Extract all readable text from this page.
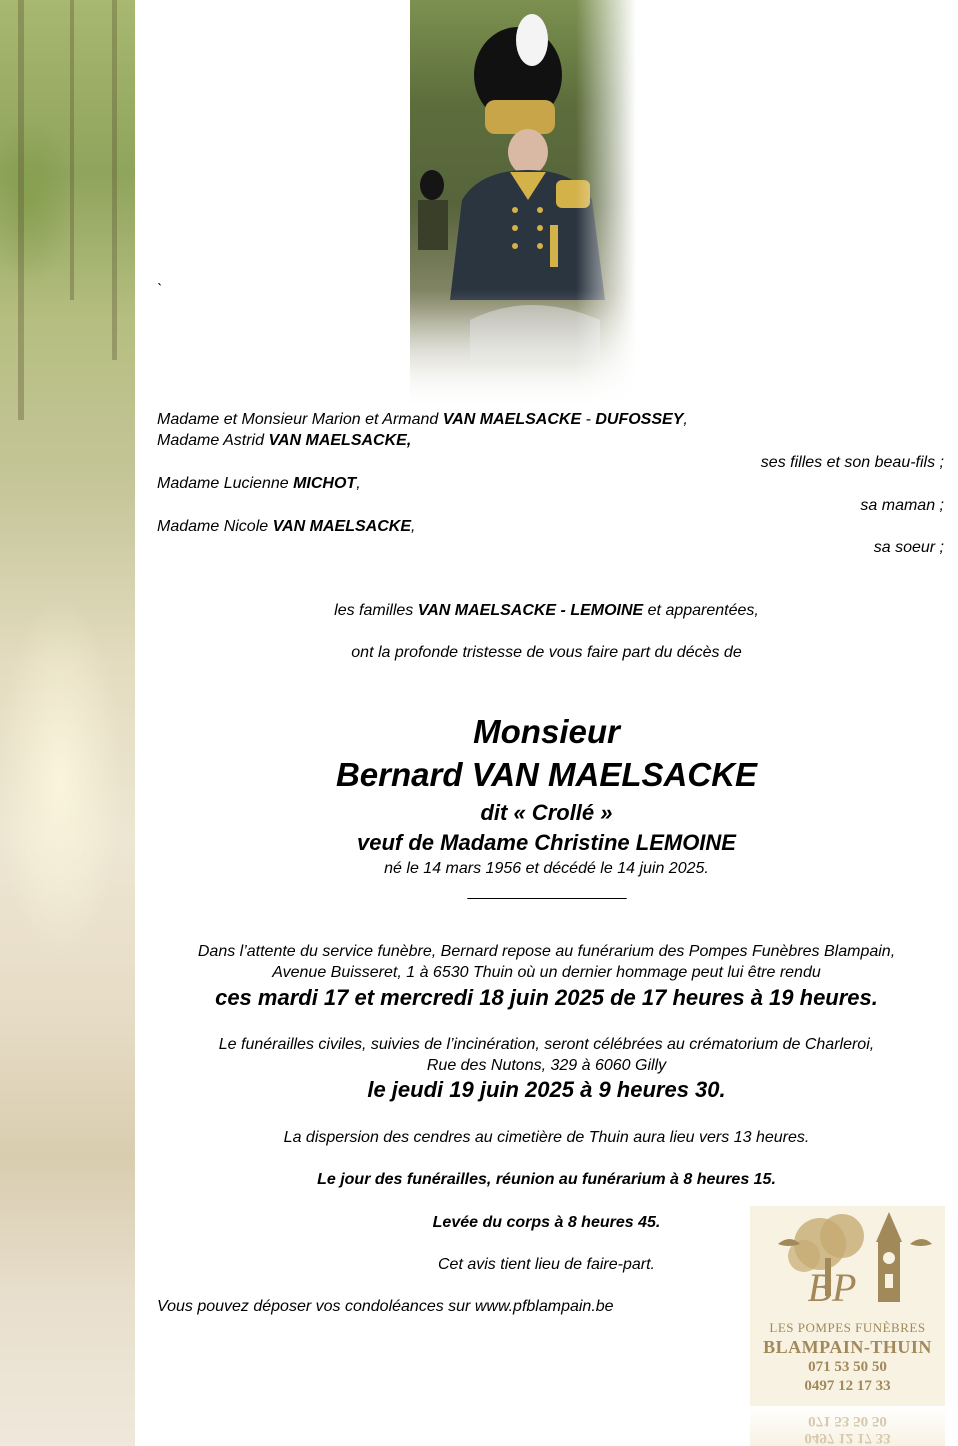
`
Madame et Monsieur Marion et Armand VAN MAELSACKE - DUFOSSEY,
Madame Astrid VAN MAELSACKE,
ses filles et son beau-fils ;
Madame Lucienne MICHOT,
sa maman ;
Madame Nicole VAN MAELSACKE,
sa soeur ;
les familles VAN MAELSACKE - LEMOINE et apparentées,
ont la profonde tristesse de vous faire part du décès de
Monsieur
Bernard VAN MAELSACKE
dit « Crollé »
veuf de Madame Christine LEMOINE
né le 14 mars 1956 et décédé le 14 juin 2025.
____________________
Dans l’attente du service funèbre, Bernard repose au funérarium des Pompes Funèbres Blampain,
Avenue Buisseret, 1 à 6530 Thuin où un dernier hommage peut lui être rendu
ces mardi 17 et mercredi 18 juin 2025 de 17 heures à 19 heures.
Le funérailles civiles, suivies de l’incinération, seront célébrées au crématorium de Charleroi,
Rue des Nutons, 329 à 6060 Gilly
le jeudi 19 juin 2025 à 9 heures 30.
La dispersion des cendres au cimetière de Thuin aura lieu vers 13 heures.
Le jour des funérailles, réunion au funérarium à 8 heures 15.
Levée du corps à 8 heures 45.
Cet avis tient lieu de faire-part.
Vous pouvez déposer vos condoléances sur www.pfblampain.be	BP
LES POMPES FUNÈBRES
BLAMPAIN-THUIN
071 53 50 50
0497 12 17 33
0497 12 17 33
071 53 50 50
